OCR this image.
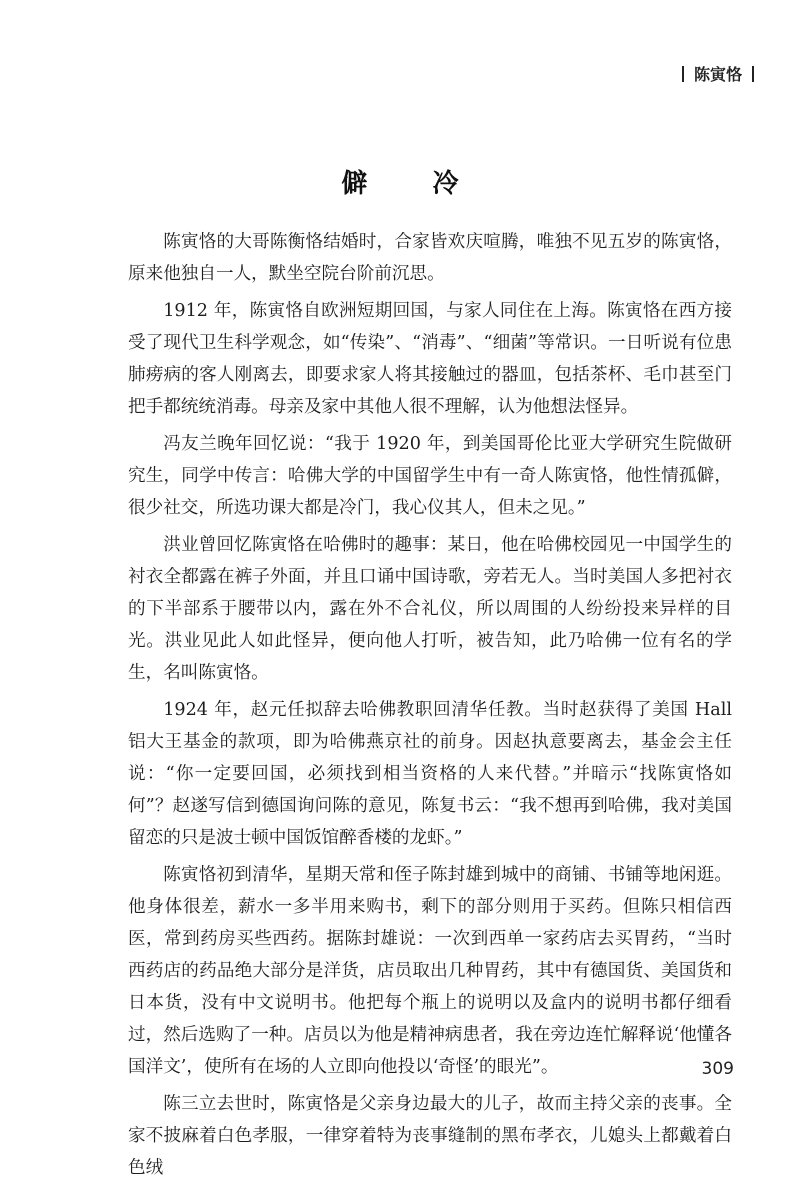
陈寅恪
僻 冷

陈寅恪的大哥陈衡恪结婚时，合家皆欢庆喧腾，唯独不见五岁的陈寅恪，原来他独自一人，默坐空院台阶前沉思。

1912 年，陈寅恪自欧洲短期回国，与家人同住在上海。陈寅恪在西方接受了现代卫生科学观念，如“传染”、“消毒”、“细菌”等常识。一日听说有位患肺痨病的客人刚离去，即要求家人将其接触过的器皿，包括茶杯、毛巾甚至门把手都统统消毒。母亲及家中其他人很不理解，认为他想法怪异。

冯友兰晚年回忆说：“我于 1920 年，到美国哥伦比亚大学研究生院做研究生，同学中传言：哈佛大学的中国留学生中有一奇人陈寅恪，他性情孤僻，很少社交，所选功课大都是冷门，我心仪其人，但未之见。”

洪业曾回忆陈寅恪在哈佛时的趣事：某日，他在哈佛校园见一中国学生的衬衣全都露在裤子外面，并且口诵中国诗歌，旁若无人。当时美国人多把衬衣的下半部系于腰带以内，露在外不合礼仪，所以周围的人纷纷投来异样的目光。洪业见此人如此怪异，便向他人打听，被告知，此乃哈佛一位有名的学生，名叫陈寅恪。

1924 年，赵元任拟辞去哈佛教职回清华任教。当时赵获得了美国 Hall 铝大王基金的款项，即为哈佛燕京社的前身。因赵执意要离去，基金会主任说：“你一定要回国，必须找到相当资格的人来代替。”并暗示“找陈寅恪如何”？赵遂写信到德国询问陈的意见，陈复书云：“我不想再到哈佛，我对美国留恋的只是波士顿中国饭馆醉香楼的龙虾。”

陈寅恪初到清华，星期天常和侄子陈封雄到城中的商铺、书铺等地闲逛。他身体很差，薪水一多半用来购书，剩下的部分则用于买药。但陈只相信西医，常到药房买些西药。据陈封雄说：一次到西单一家药店去买胃药，“当时西药店的药品绝大部分是洋货，店员取出几种胃药，其中有德国货、美国货和日本货，没有中文说明书。他把每个瓶上的说明以及盒内的说明书都仔细看过，然后选购了一种。店员以为他是精神病患者，我在旁边连忙解释说‘他懂各国洋文’，使所有在场的人立即向他投以‘奇怪’的眼光”。

陈三立去世时，陈寅恪是父亲身边最大的儿子，故而主持父亲的丧事。全家不披麻着白色孝服，一律穿着特为丧事缝制的黑布孝衣，儿媳头上都戴着白色绒

309
